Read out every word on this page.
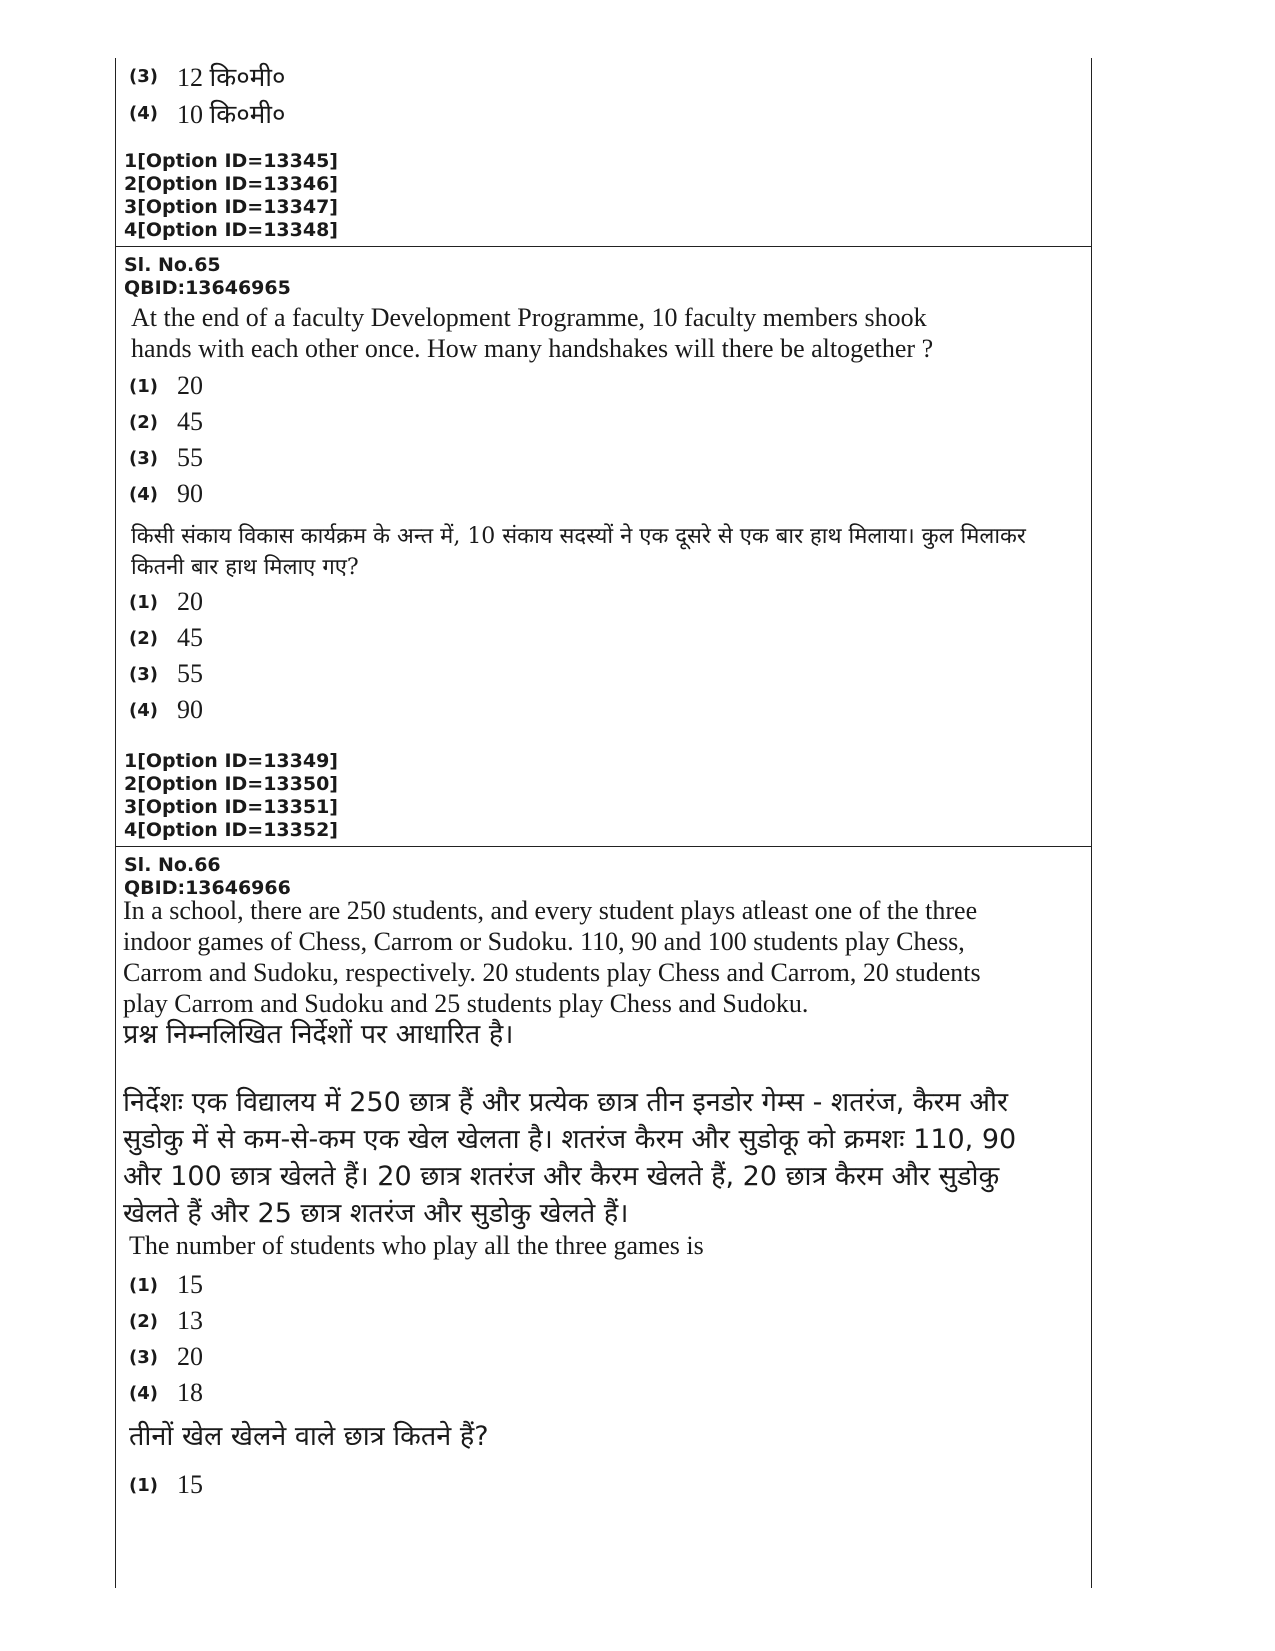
(3) 12 कि०मी०
(4) 10 कि०मी०
1[Option ID=13345]
2[Option ID=13346]
3[Option ID=13347]
4[Option ID=13348]
Sl. No.65
QBID:13646965
At the end of a faculty Development Programme, 10 faculty members shook hands with each other once. How many handshakes will there be altogether ?
(1) 20
(2) 45
(3) 55
(4) 90
किसी संकाय विकास कार्यक्रम के अन्त में, 10 संकाय सदस्यों ने एक दूसरे से एक बार हाथ मिलाया। कुल मिलाकर कितनी बार हाथ मिलाए गए?
(1) 20
(2) 45
(3) 55
(4) 90
1[Option ID=13349]
2[Option ID=13350]
3[Option ID=13351]
4[Option ID=13352]
Sl. No.66
QBID:13646966
In a school, there are 250 students, and every student plays atleast one of the three indoor games of Chess, Carrom or Sudoku. 110, 90 and 100 students play Chess, Carrom and Sudoku, respectively. 20 students play Chess and Carrom, 20 students play Carrom and Sudoku and 25 students play Chess and Sudoku.
प्रश्न निम्नलिखित निर्देशों पर आधारित है।
निर्देशः एक विद्यालय में 250 छात्र हैं और प्रत्येक छात्र तीन इनडोर गेम्स - शतरंज, कैरम और सुडोकु में से कम-से-कम एक खेल खेलता है। शतरंज कैरम और सुडोकू को क्रमशः 110, 90 और 100 छात्र खेलते हैं। 20 छात्र शतरंज और कैरम खेलते हैं, 20 छात्र कैरम और सुडोकु खेलते हैं और 25 छात्र शतरंज और सुडोकु खेलते हैं।
The number of students who play all the three games is
(1) 15
(2) 13
(3) 20
(4) 18
तीनों खेल खेलने वाले छात्र कितने हैं?
(1) 15
